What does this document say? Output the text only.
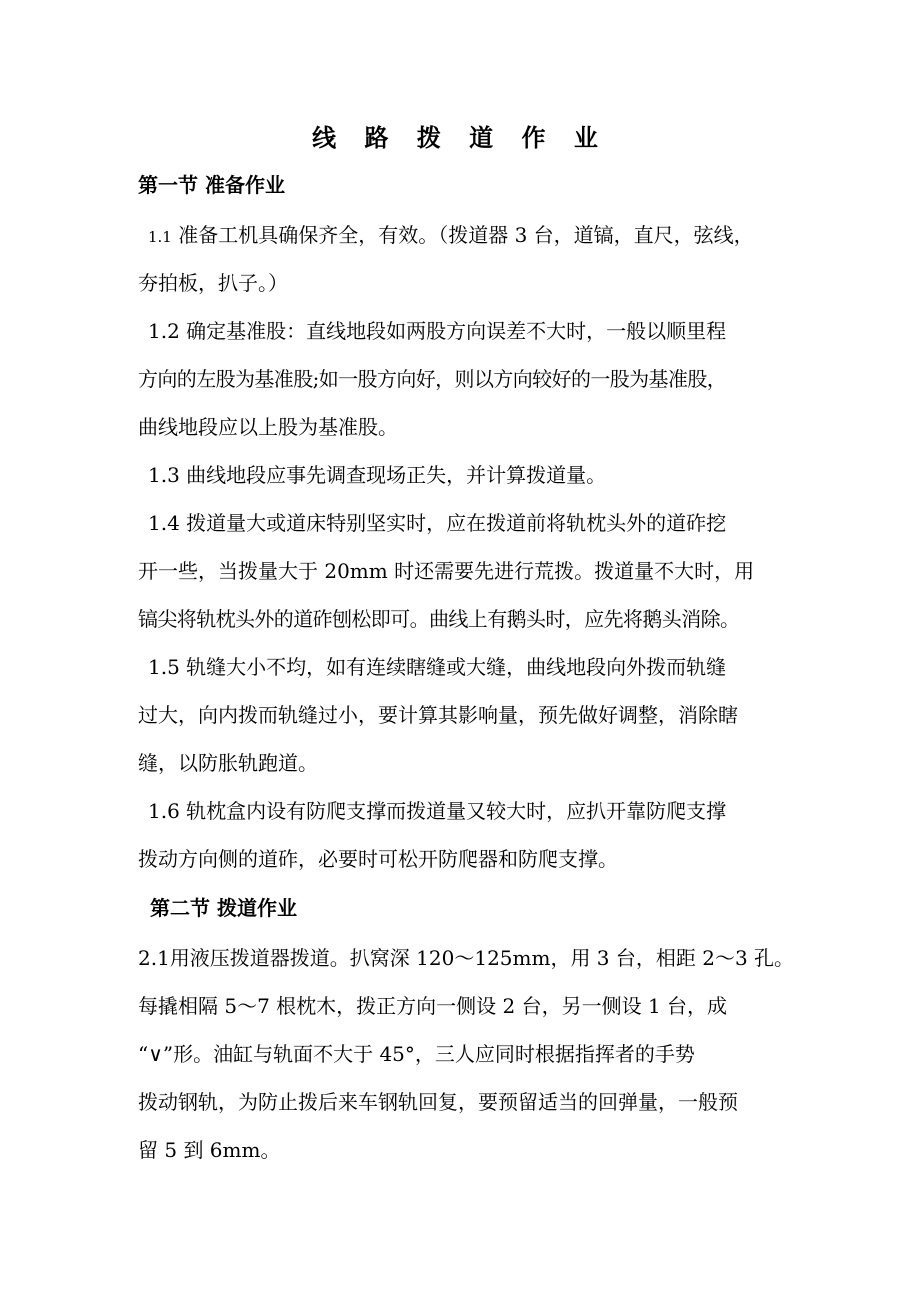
线 路 拨 道 作 业
第一节 准备作业
1.1 准备工机具确保齐全，有效。（拨道器 3 台，道镐，直尺，弦线，
夯拍板，扒子。）
1.2 确定基准股：直线地段如两股方向误差不大时，一般以顺里程
方向的左股为基准股;如一股方向好，则以方向较好的一股为基准股，
曲线地段应以上股为基准股。
1.3 曲线地段应事先调查现场正失，并计算拨道量。
1.4 拨道量大或道床特别坚实时，应在拨道前将轨枕头外的道砟挖
开一些，当拨量大于 20mm 时还需要先进行荒拨。拨道量不大时，用
镐尖将轨枕头外的道砟刨松即可。曲线上有鹅头时，应先将鹅头消除。
1.5 轨缝大小不均，如有连续瞎缝或大缝，曲线地段向外拨而轨缝
过大，向内拨而轨缝过小，要计算其影响量，预先做好调整，消除瞎
缝，以防胀轨跑道。
1.6 轨枕盒内设有防爬支撑而拨道量又较大时，应扒开靠防爬支撑
拨动方向侧的道砟，必要时可松开防爬器和防爬支撑。
第二节 拨道作业
2.1用液压拨道器拨道。扒窝深 120～125mm，用 3 台，相距 2～3 孔。
每撬相隔 5～7 根枕木，拨正方向一侧设 2 台，另一侧设 1 台，成
“∨”形。油缸与轨面不大于 45°，三人应同时根据指挥者的手势
拨动钢轨，为防止拨后来车钢轨回复，要预留适当的回弹量，一般预
留 5 到 6mm。
